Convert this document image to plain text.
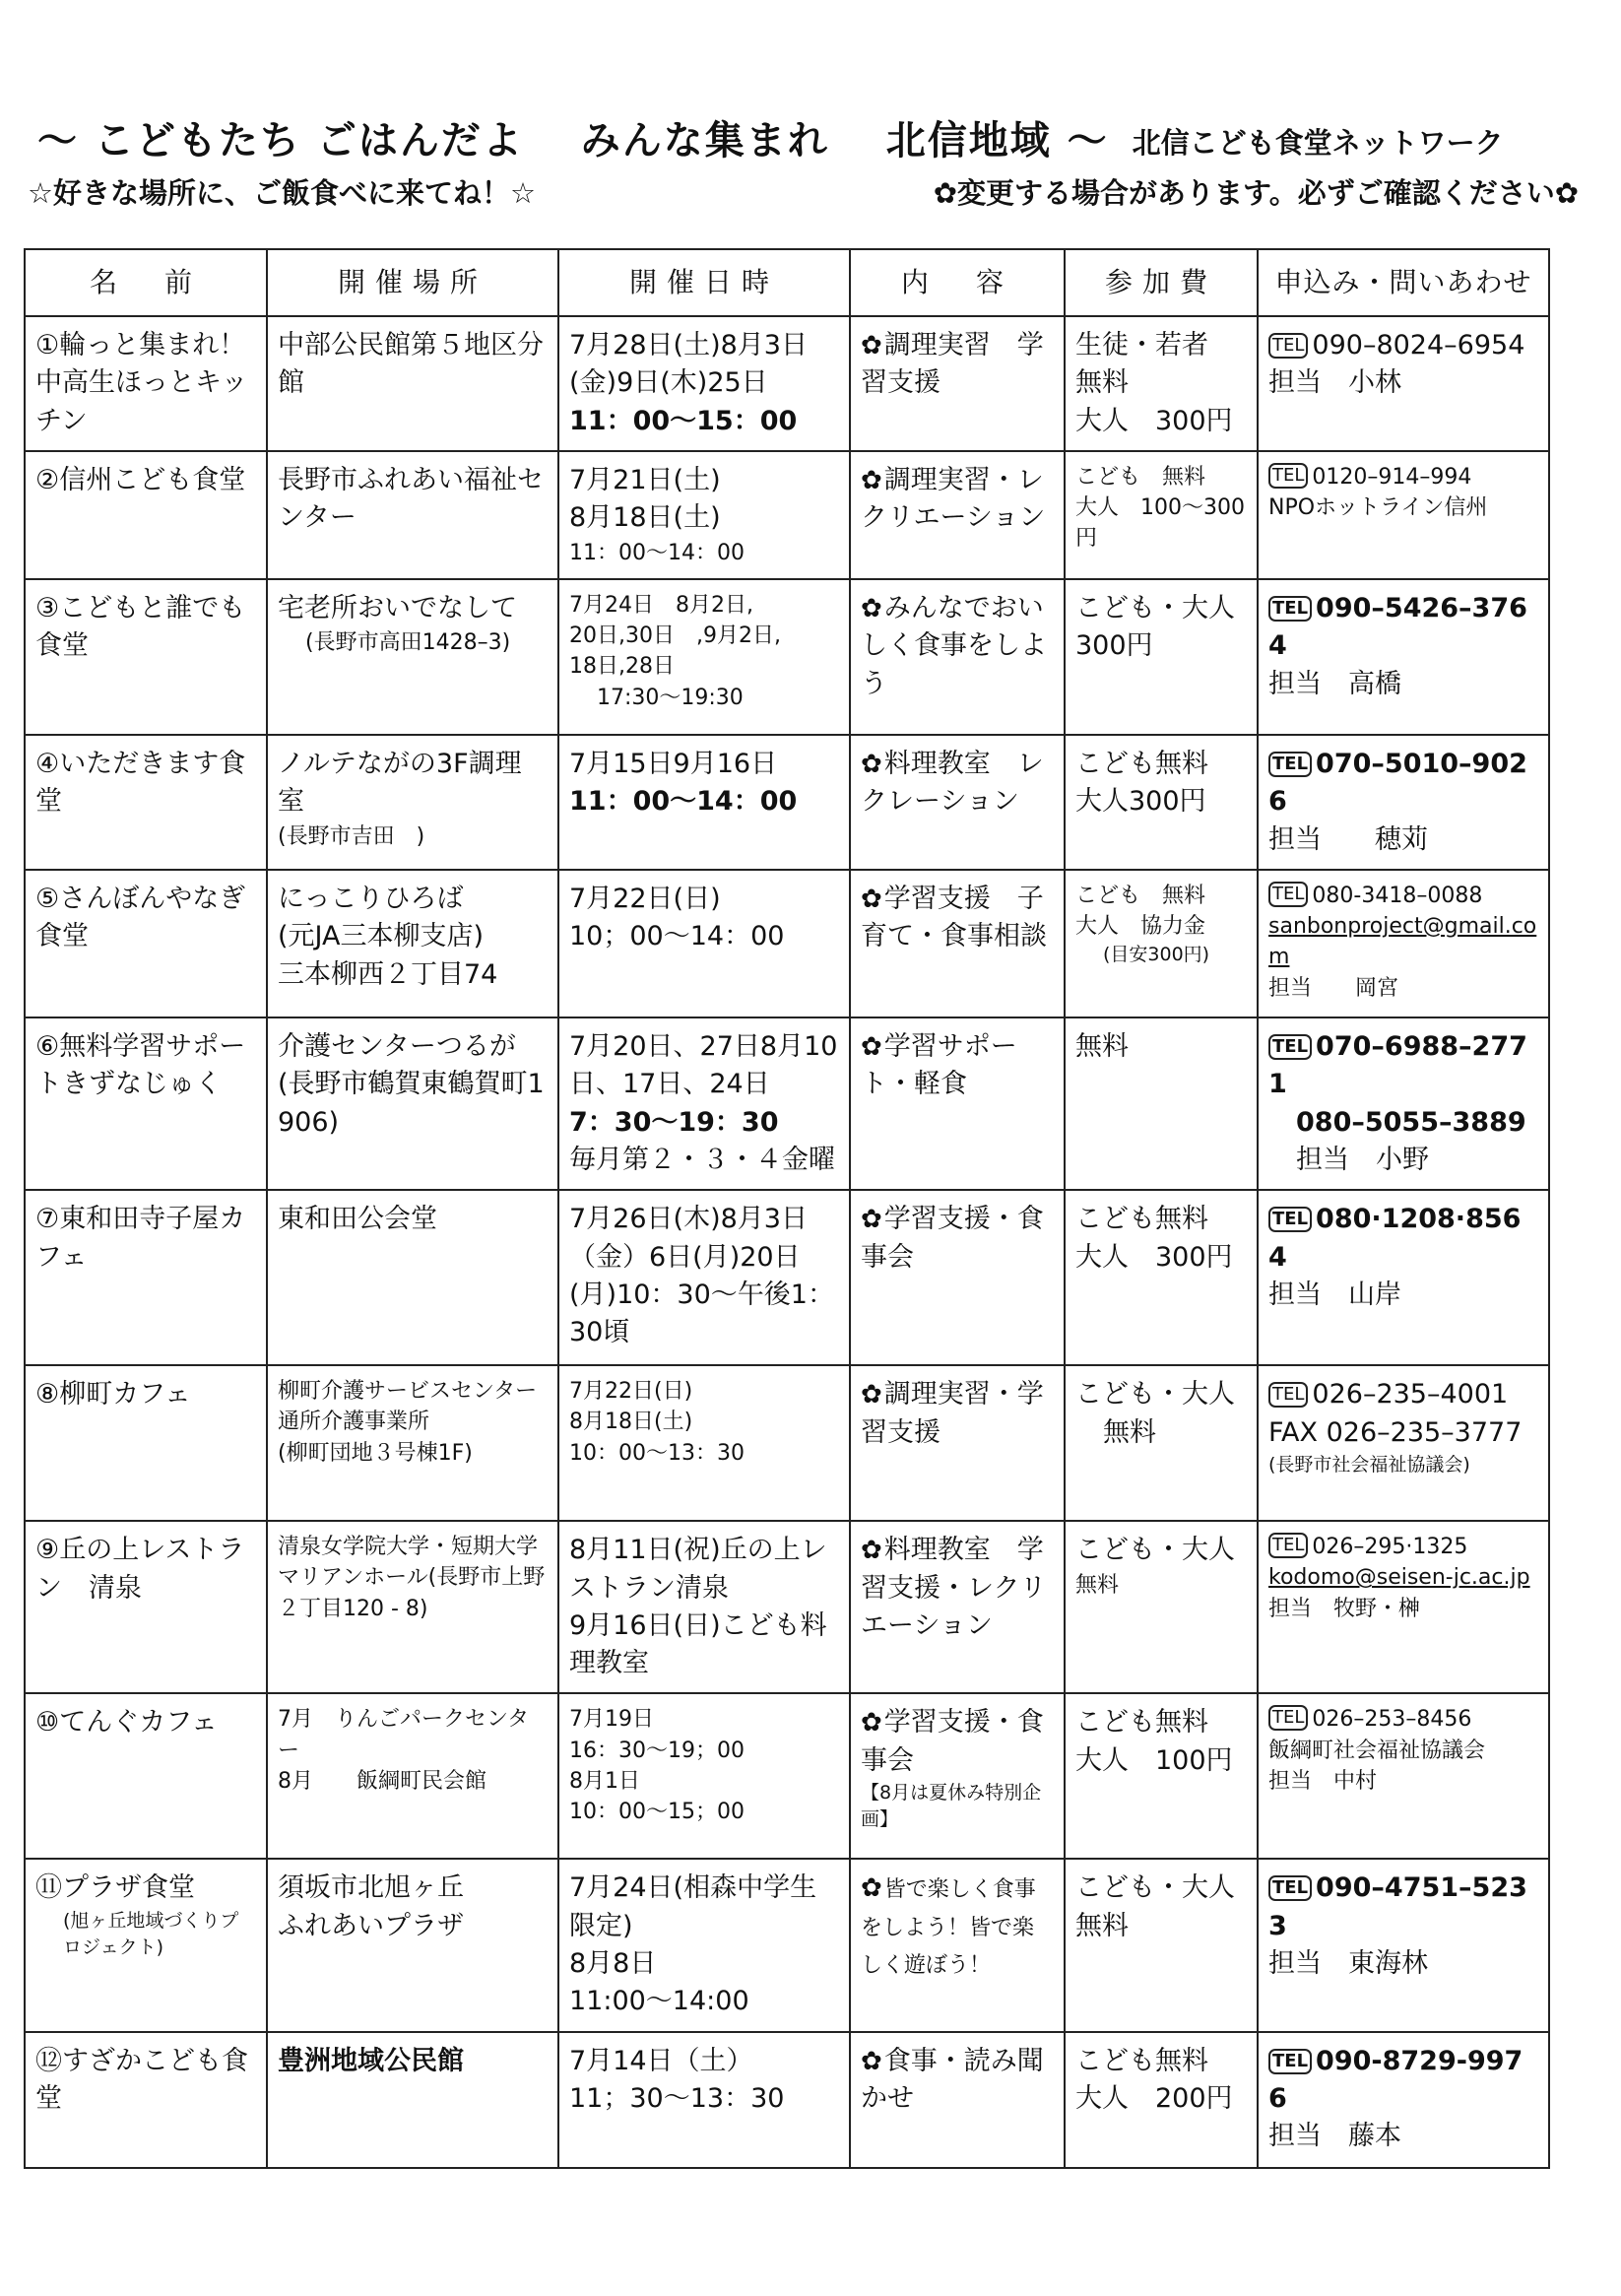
～ こどもたち ごはんだよ　 みんな集まれ　 北信地域 ～ 北信こども食堂ネットワーク
☆好きな場所に、ご飯食べに来てね！☆	✿変更する場合があります。必ずご確認ください✿
名　前	開催場所	開催日時	内　容	参加費	申込み・問いあわせ
①輪っと集まれ！中高生ほっとキッチン	中部公民館第５地区分館	7月28日(土)8月3日(金)9日(木)25日
11：00～15：00	✿調理実習　学習支援	生徒・若者
無料
大人　300円	TEL 090–8024–6954
担当　小林

②信州こども食堂	長野市ふれあい福祉センター	7月21日(土)
8月18日(土)
11：00～14：00	✿調理実習・レクリエーション	こども　無料
大人　100～300円	TEL 0120–914–994
NPOホットライン信州

③こどもと誰でも食堂	宅老所おいでなして
(長野市高田1428–3)	7月24日　8月2日,
20日,30日　,9月2日,
18日,28日
17:30～19:30	✿みんなでおいしく食事をしよう	こども・大人 300円	TEL 090–5426–3764
担当　高橋

④いただきます食堂	ノルテながの3F調理室
(長野市吉田　)	7月15日9月16日
11：00～14：00	✿料理教室　レクレーション	こども無料
大人300円	TEL 070–5010–9026
担当　　穂苅

⑤さんぼんやなぎ食堂	にっこりひろば
(元JA三本柳支店)
三本柳西２丁目74	7月22日(日)
10；00～14：00	✿学習支援　子育て・食事相談	こども　無料
大人　協力金
(目安300円)	TEL 080-3418–0088
sanbonproject@gmail.com
担当　　岡宮

⑥無料学習サポートきずなじゅく	介護センターつるが
(長野市鶴賀東鶴賀町1906)	7月20日、27日8月10日、17日、24日
7：30～19：30
毎月第２・３・４金曜	✿学習サポート・軽食	無料	TEL 070–6988–2771
080–5055–3889
担当　小野

⑦東和田寺子屋カフェ	東和田公会堂	7月26日(木)8月3日（金）6日(月)20日(月)10：30～午後1：30頃	✿学習支援・食事会	こども無料
大人　300円	TEL 080·1208·8564
担当　山岸

⑧柳町カフェ	柳町介護サービスセンター通所介護事業所
(柳町団地３号棟1F)	7月22日(日)
8月18日(土)
10：00～13：30	✿調理実習・学習支援	こども・大人
無料	TEL 026–235–4001
FAX 026–235–3777
(長野市社会福祉協議会)

⑨丘の上レストラン　清泉	清泉女学院大学・短期大学　マリアンホール(長野市上野２丁目120 - 8)	8月11日(祝)丘の上レストラン清泉
9月16日(日)こども料理教室	✿料理教室　学習支援・レクリエーション	こども・大人
無料	TEL 026–295·1325
kodomo@seisen-jc.ac.jp
担当　牧野・榊

⑩てんぐカフェ	7月　りんごパークセンター
8月　　飯綱町民会館	7月19日
16：30～19；00
8月1日
10：00～15；00	✿学習支援・食事会
【8月は夏休み特別企画】	こども無料
大人　100円	TEL 026–253–8456
飯綱町社会福祉協議会
担当　中村

⑪プラザ食堂
(旭ヶ丘地域づくりプロジェクト)	須坂市北旭ヶ丘
ふれあいプラザ	7月24日(相森中学生限定)
8月8日
11:00～14:00	✿皆で楽しく食事をしよう！皆で楽しく遊ぼう！	こども・大人　無料	TEL 090–4751–5233
担当　東海林

⑫すざかこども食堂	豊洲地域公民館	7月14日（土）
11；30～13：30	✿食事・読み聞かせ	こども無料
大人　200円	TEL 090-8729-9976
担当　藤本
